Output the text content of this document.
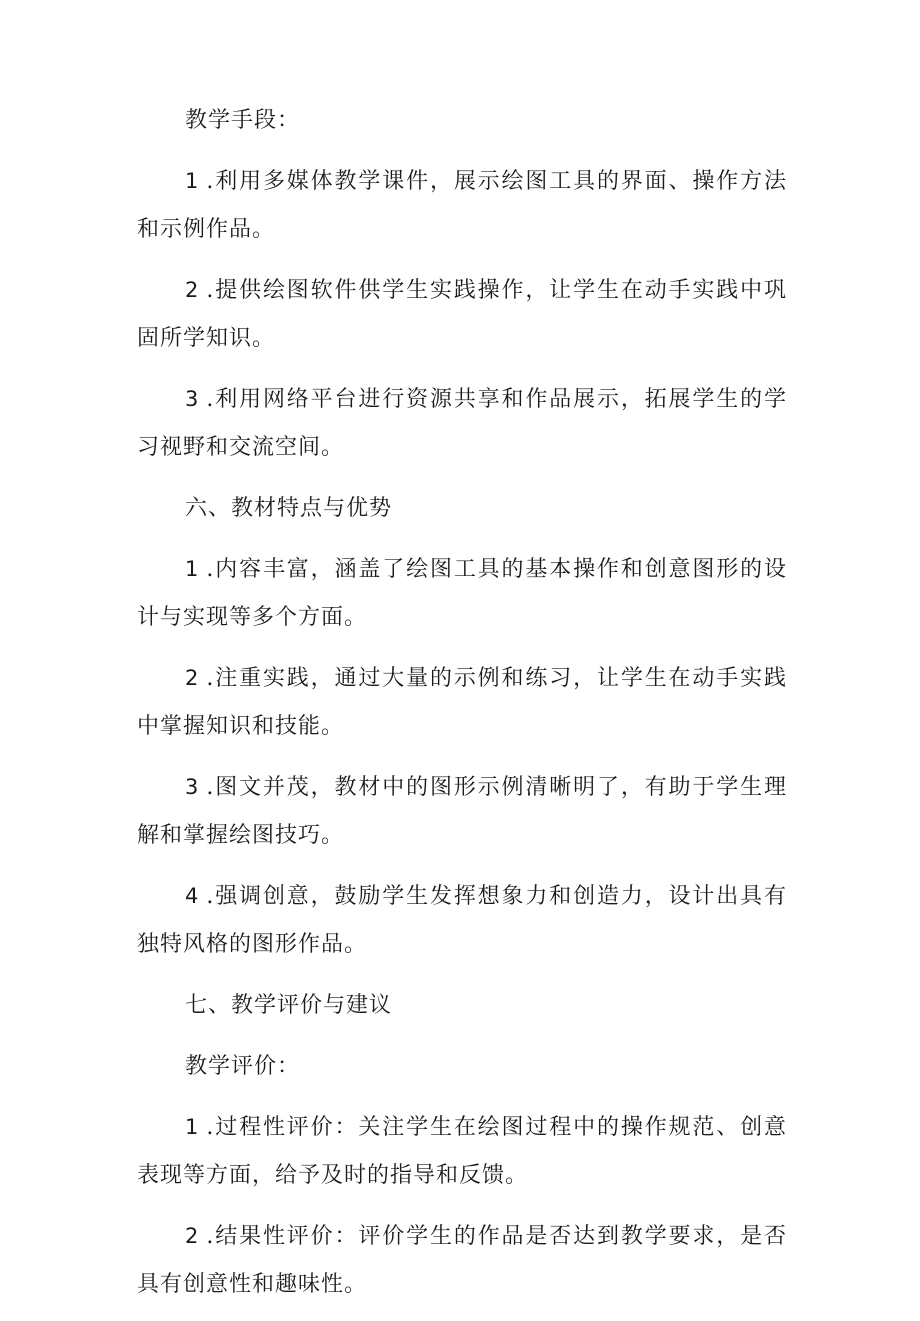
教学手段：

1 .利用多媒体教学课件，展示绘图工具的界面、操作方法和示例作品。

2 .提供绘图软件供学生实践操作，让学生在动手实践中巩固所学知识。

3 .利用网络平台进行资源共享和作品展示，拓展学生的学习视野和交流空间。

六、教材特点与优势

1 .内容丰富，涵盖了绘图工具的基本操作和创意图形的设计与实现等多个方面。

2 .注重实践，通过大量的示例和练习，让学生在动手实践中掌握知识和技能。

3 .图文并茂，教材中的图形示例清晰明了，有助于学生理解和掌握绘图技巧。

4 .强调创意，鼓励学生发挥想象力和创造力，设计出具有独特风格的图形作品。

七、教学评价与建议

教学评价：

1 .过程性评价：关注学生在绘图过程中的操作规范、创意表现等方面，给予及时的指导和反馈。

2 .结果性评价：评价学生的作品是否达到教学要求，是否具有创意性和趣味性。
